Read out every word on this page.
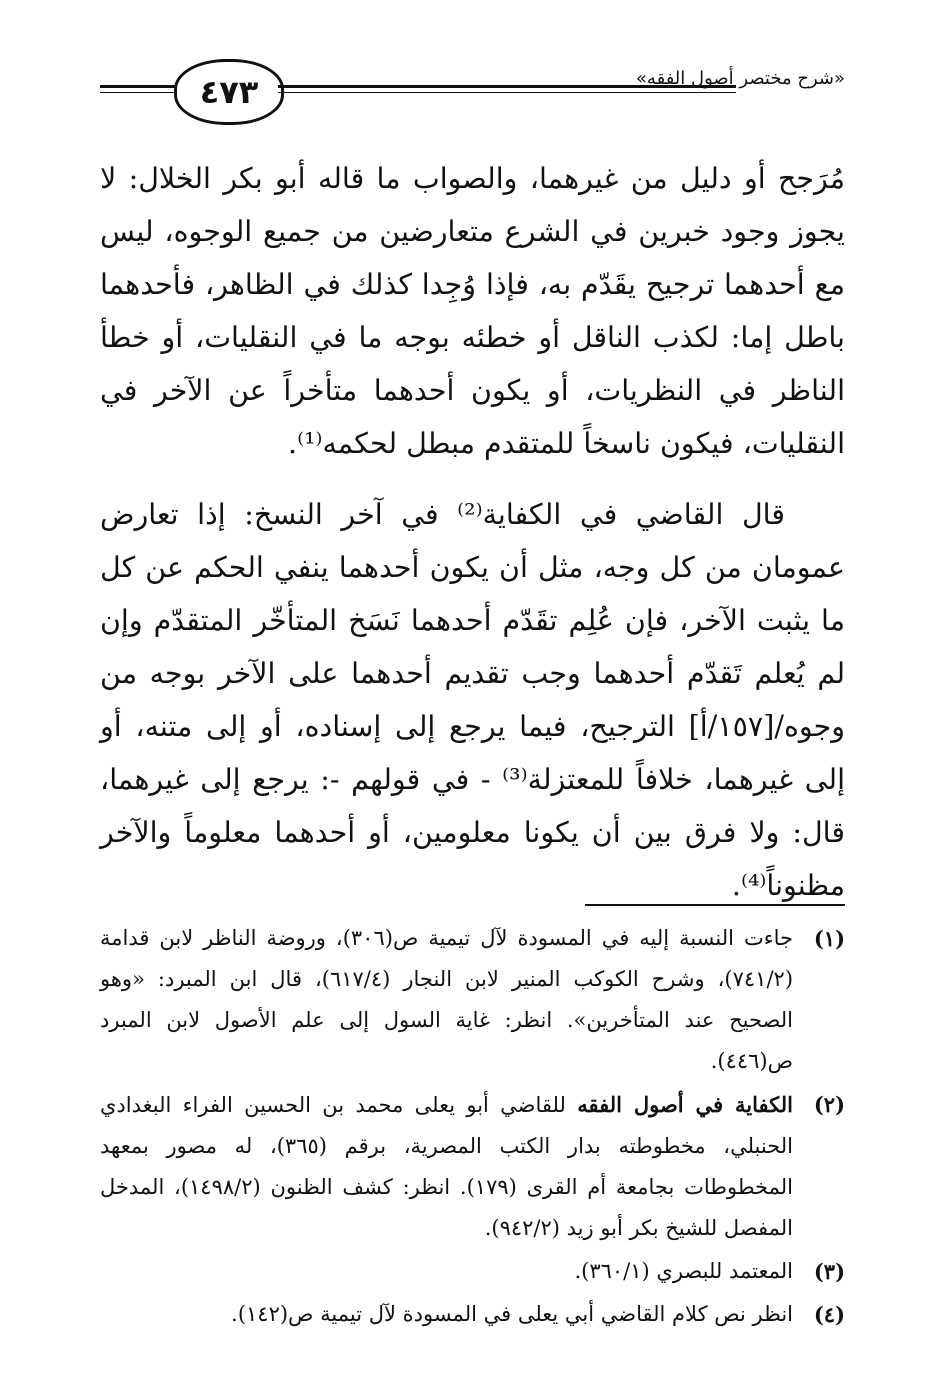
٤٧٣	«شرح مختصر أصول الفقه»

مُرَجح أو دليل من غيرهما، والصواب ما قاله أبو بكر الخلال: لا يجوز وجود خبرين في الشرع متعارضين من جميع الوجوه، ليس مع أحدهما ترجيح يقَدّم به، فإذا وُجِدا كذلك في الظاهر، فأحدهما باطل إما: لكذب الناقل أو خطئه بوجه ما في النقليات، أو خطأ الناظر في النظريات، أو يكون أحدهما متأخراً عن الآخر في النقليات، فيكون ناسخاً للمتقدم مبطل لحكمه⁽¹⁾.

قال القاضي في الكفاية⁽²⁾ في آخر النسخ: إذا تعارض عمومان من كل وجه، مثل أن يكون أحدهما ينفي الحكم عن كل ما يثبت الآخر، فإن عُلِم تقَدّم أحدهما نَسَخ المتأخّر المتقدّم وإن لم يُعلم تَقدّم أحدهما وجب تقديم أحدهما على الآخر بوجه من وجوه/[١٥٧/أ] الترجيح، فيما يرجع إلى إسناده، أو إلى متنه، أو إلى غيرهما، خلافاً للمعتزلة⁽³⁾ - في قولهم -: يرجع إلى غيرهما، قال: ولا فرق بين أن يكونا معلومين، أو أحدهما معلوماً والآخر مظنوناً⁽⁴⁾.

(١)
جاءت النسبة إليه في المسودة لآل تيمية ص(٣٠٦)، وروضة الناظر لابن قدامة (٧٤١/٢)، وشرح الكوكب المنير لابن النجار (٦١٧/٤)، قال ابن المبرد: «وهو الصحيح عند المتأخرين». انظر: غاية السول إلى علم الأصول لابن المبرد ص(٤٤٦).
(٢)
الكفاية في أصول الفقه للقاضي أبو يعلى محمد بن الحسين الفراء البغدادي الحنبلي، مخطوطته بدار الكتب المصرية، برقم (٣٦٥)، له مصور بمعهد المخطوطات بجامعة أم القرى (١٧٩). انظر: كشف الظنون (١٤٩٨/٢)، المدخل المفصل للشيخ بكر أبو زيد (٩٤٢/٢).
(٣)
المعتمد للبصري (٣٦٠/١).
(٤)
انظر نص كلام القاضي أبي يعلى في المسودة لآل تيمية ص(١٤٢).
